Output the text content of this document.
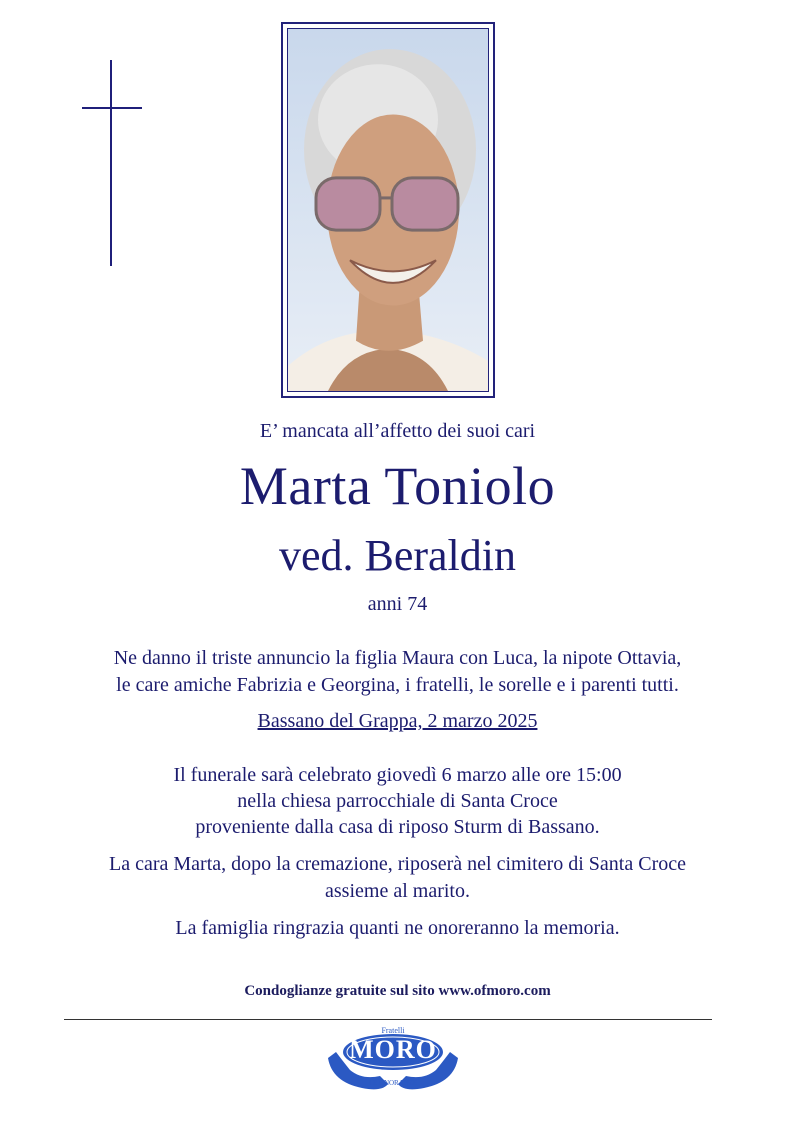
E’ mancata all’affetto dei suoi cari
Marta Toniolo
ved. Beraldin
anni 74
Ne danno il triste annuncio la figlia Maura con Luca, la nipote Ottavia,
le care amiche Fabrizia e Georgina, i fratelli, le sorelle e i parenti tutti.
Bassano del Grappa, 2 marzo 2025
Il funerale sarà celebrato giovedì 6 marzo alle ore 15:00
nella chiesa parrocchiale di Santa Croce
proveniente dalla casa di riposo Sturm di Bassano.
La cara Marta, dopo la cremazione, riposerà nel cimitero di Santa Croce
assieme al marito.
La famiglia ringrazia quanti ne onoreranno la memoria.
Condoglianze gratuite sul sito www.ofmoro.com
Fratelli
MORO
LE ONORANZE
